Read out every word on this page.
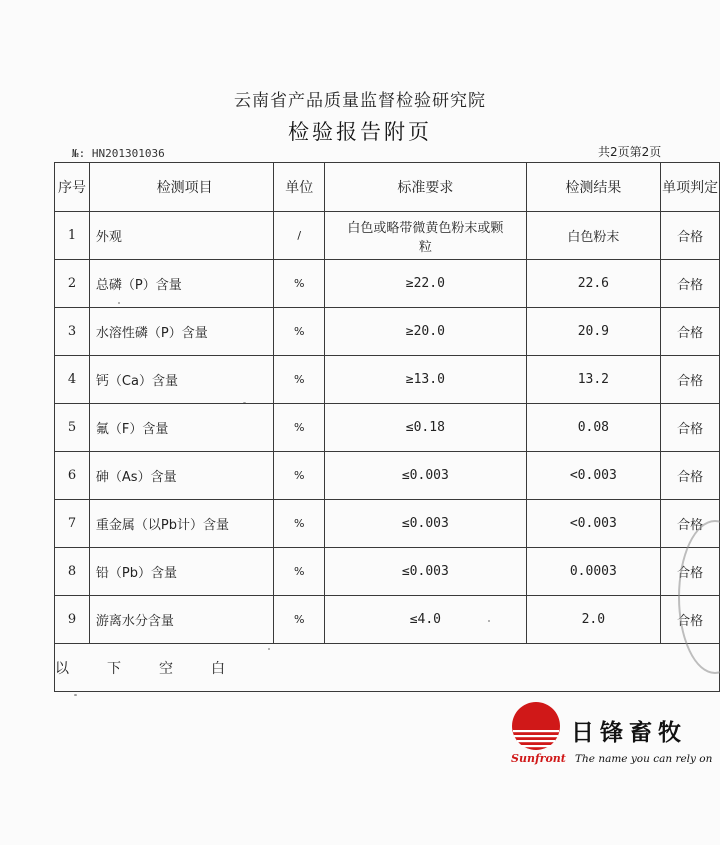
云南省产品质量监督检验研究院
检验报告附页
№: HN201301036	共2页第2页
序号	检测项目	单位	标准要求	检测结果	单项判定
1	外观	/	白色或略带微黄色粉末或颗粒	白色粉末	合格
2	总磷（P）含量	%	≥22.0	22.6	合格
3	水溶性磷（P）含量	%	≥20.0	20.9	合格
4	钙（Ca）含量	%	≥13.0	13.2	合格
5	氟（F）含量	%	≤0.18	0.08	合格
6	砷（As）含量	%	≤0.003	<0.003	合格
7	重金属（以Pb计）含量	%	≤0.003	<0.003	合格
8	铅（Pb）含量	%	≤0.003	0.0003	合格
9	游离水分含量	%	≤4.0	2.0	合格
以下空白					
日锋畜牧
Sunfront The name you can rely on
